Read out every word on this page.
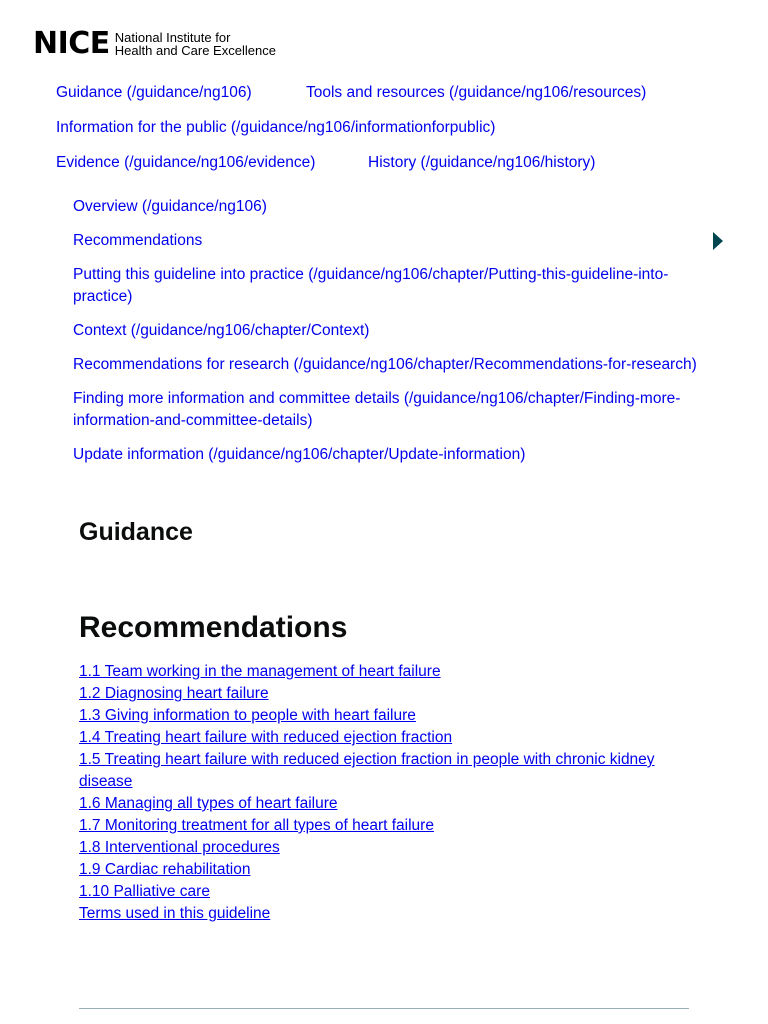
NICE National Institute for
Health and Care Excellence
Guidance (/guidance/ng106)	Tools and resources (/guidance/ng106/resources)
Information for the public (/guidance/ng106/informationforpublic)
Evidence (/guidance/ng106/evidence)	History (/guidance/ng106/history)
Overview (/guidance/ng106)
Recommendations
Putting this guideline into practice (/guidance/ng106/chapter/Putting-this-guideline-into-practice)
Context (/guidance/ng106/chapter/Context)
Recommendations for research (/guidance/ng106/chapter/Recommendations-for-research)
Finding more information and committee details (/guidance/ng106/chapter/Finding-more-information-and-committee-details)
Update information (/guidance/ng106/chapter/Update-information)
Guidance
Recommendations
1.1 Team working in the management of heart failure
1.2 Diagnosing heart failure
1.3 Giving information to people with heart failure
1.4 Treating heart failure with reduced ejection fraction
1.5 Treating heart failure with reduced ejection fraction in people with chronic kidney disease
1.6 Managing all types of heart failure
1.7 Monitoring treatment for all types of heart failure
1.8 Interventional procedures
1.9 Cardiac rehabilitation
1.10 Palliative care
Terms used in this guideline
